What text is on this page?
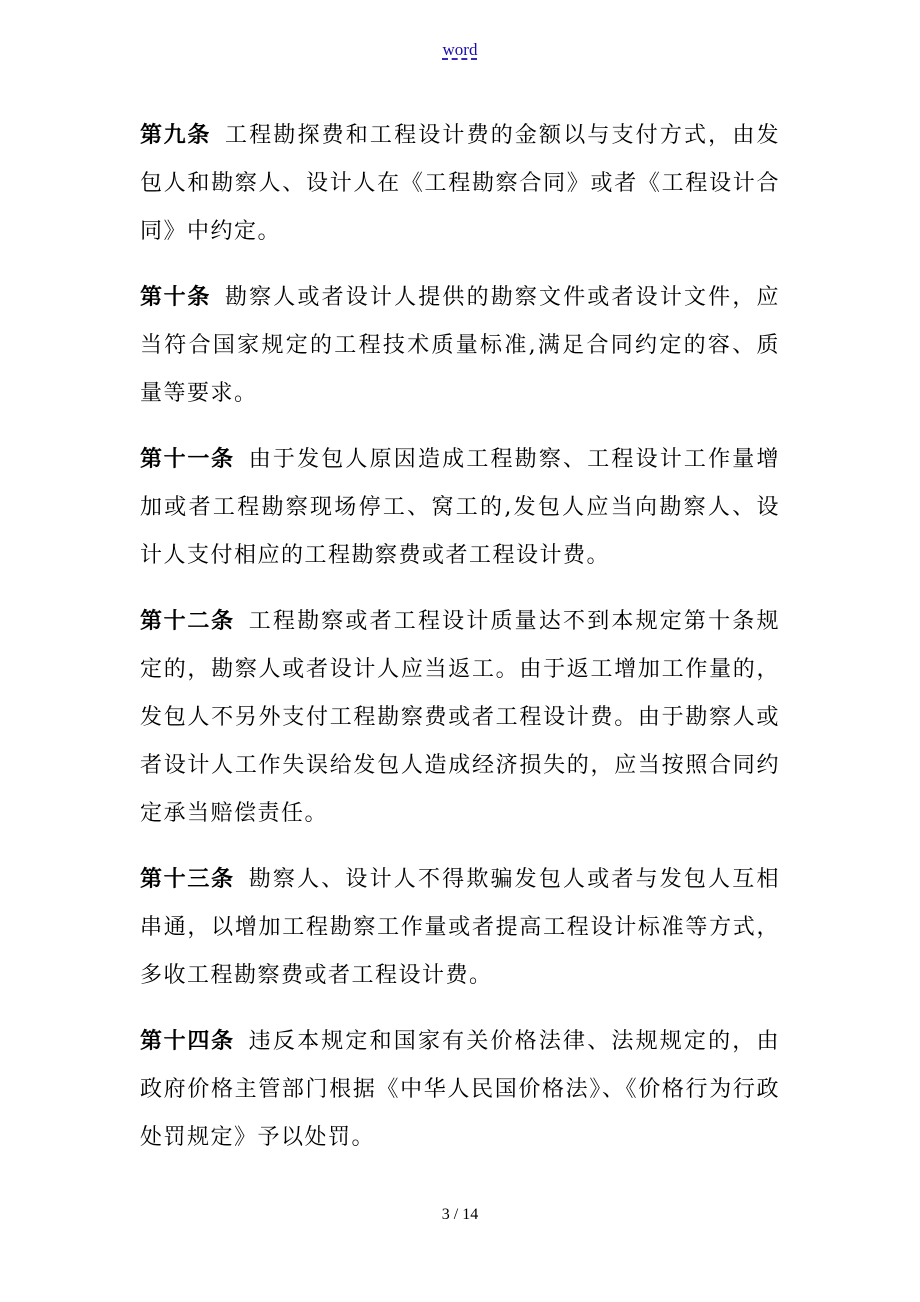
word

第九条 工程勘探费和工程设计费的金额以与支付方式，由发包人和勘察人、设计人在《工程勘察合同》或者《工程设计合同》中约定。

第十条 勘察人或者设计人提供的勘察文件或者设计文件，应当符合国家规定的工程技术质量标准,满足合同约定的容、质量等要求。

第十一条 由于发包人原因造成工程勘察、工程设计工作量增加或者工程勘察现场停工、窝工的,发包人应当向勘察人、设计人支付相应的工程勘察费或者工程设计费。

第十二条 工程勘察或者工程设计质量达不到本规定第十条规定的，勘察人或者设计人应当返工。由于返工增加工作量的，发包人不另外支付工程勘察费或者工程设计费。由于勘察人或者设计人工作失误给发包人造成经济损失的，应当按照合同约定承当赔偿责任。

第十三条 勘察人、设计人不得欺骗发包人或者与发包人互相串通，以增加工程勘察工作量或者提高工程设计标准等方式，多收工程勘察费或者工程设计费。

第十四条 违反本规定和国家有关价格法律、法规规定的，由政府价格主管部门根据《中华人民国价格法》、《价格行为行政处罚规定》予以处罚。

3 / 14
